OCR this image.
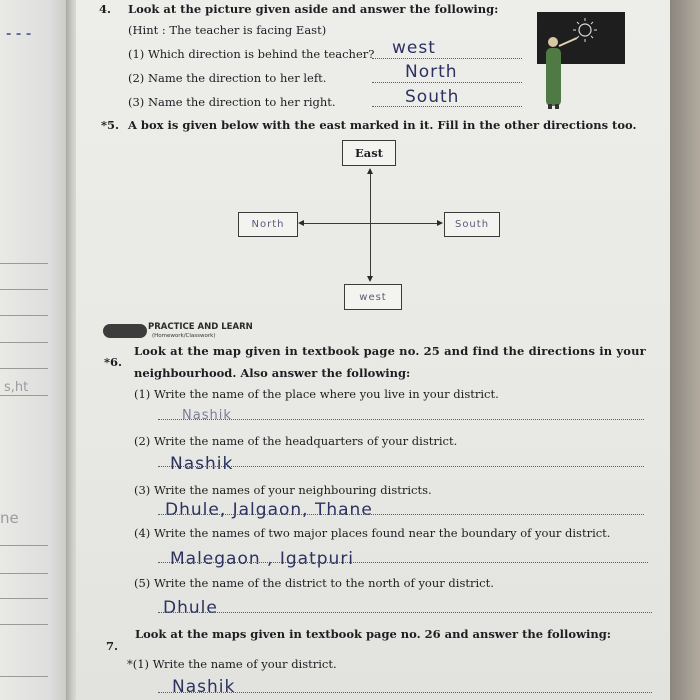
- - -
s,ht
ne
4. Look at the picture given aside and answer the following:
(Hint : The teacher is facing East)
(1) Which direction is behind the teacher? west
(2) Name the direction to her left.	North
(3) Name the direction to her right.	South
*5. A box is given below with the east marked in it. Fill in the other directions too.
East
North	South
west
PRACTICE AND LEARN
(Homework/Classwork)
*6.
Look at the map given in textbook page no. 25 and find the directions in your
neighbourhood. Also answer the following:
(1) Write the name of the place where you live in your district.
Nashik
(2) Write the name of the headquarters of your district.
Nashik
(3) Write the names of your neighbouring districts.
Dhule, Jalgaon, Thane
(4) Write the names of two major places found near the boundary of your district.
Malegaon , Igatpuri
(5) Write the name of the district to the north of your district.
Dhule
7.
Look at the maps given in textbook page no. 26 and answer the following:
*(1) Write the name of your district.
Nashik
